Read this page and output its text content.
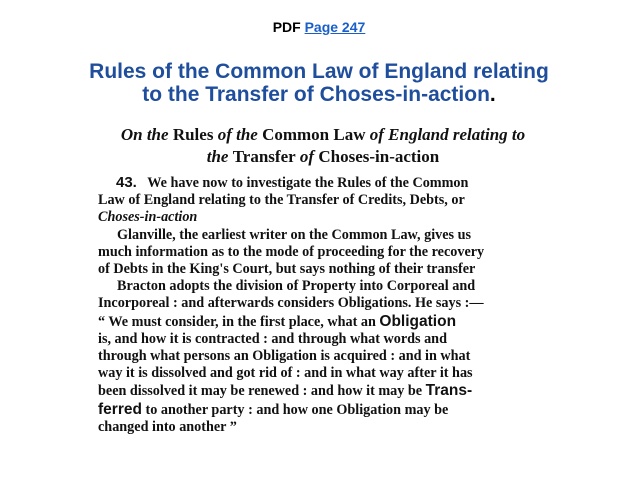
PDF Page 247
Rules of the Common Law of England relating
to the Transfer of Choses-in-action.
On the Rules of the Common Law of England relating to
the Transfer of Choses-in-action

43. We have now to investigate the Rules of the Common
Law of England relating to the Transfer of Credits, Debts, or
Choses-in-action
Glanville, the earliest writer on the Common Law, gives us
much information as to the mode of proceeding for the recovery
of Debts in the King's Court, but says nothing of their transfer
Bracton adopts the division of Property into Corporeal and
Incorporeal : and afterwards considers Obligations. He says :—
“ We must consider, in the first place, what an Obligation
is, and how it is contracted : and through what words and
through what persons an Obligation is acquired : and in what
way it is dissolved and got rid of : and in what way after it has
been dissolved it may be renewed : and how it may be Trans-
ferred to another party : and how one Obligation may be
changed into another ”
